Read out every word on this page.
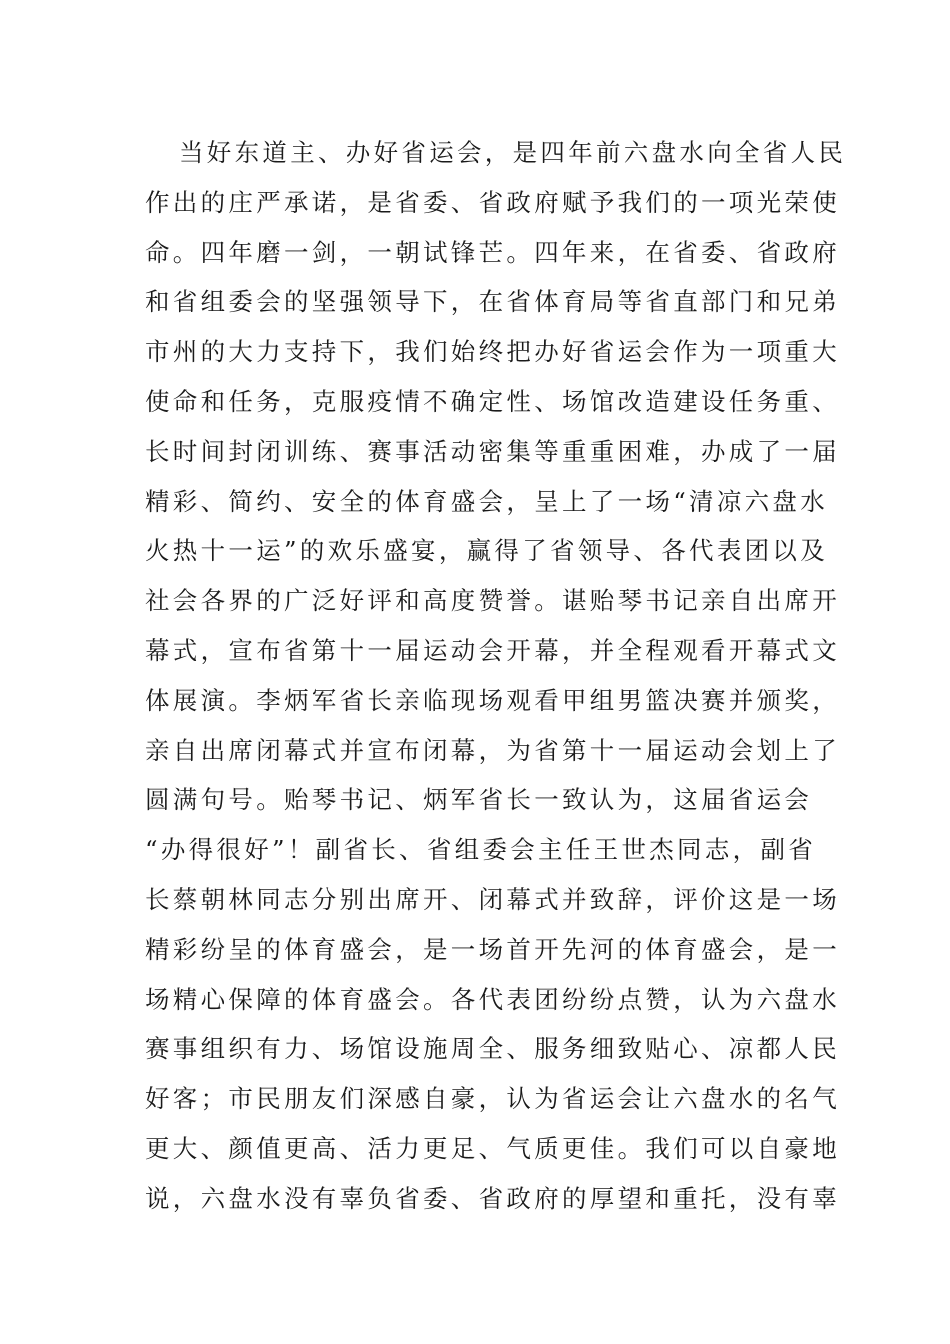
当好东道主、办好省运会，是四年前六盘水向全省人民
作出的庄严承诺，是省委、省政府赋予我们的一项光荣使
命。四年磨一剑，一朝试锋芒。四年来，在省委、省政府
和省组委会的坚强领导下，在省体育局等省直部门和兄弟
市州的大力支持下，我们始终把办好省运会作为一项重大
使命和任务，克服疫情不确定性、场馆改造建设任务重、
长时间封闭训练、赛事活动密集等重重困难，办成了一届
精彩、简约、安全的体育盛会，呈上了一场“清凉六盘水
火热十一运”的欢乐盛宴，赢得了省领导、各代表团以及
社会各界的广泛好评和高度赞誉。谌贻琴书记亲自出席开
幕式，宣布省第十一届运动会开幕，并全程观看开幕式文
体展演。李炳军省长亲临现场观看甲组男篮决赛并颁奖，
亲自出席闭幕式并宣布闭幕，为省第十一届运动会划上了
圆满句号。贻琴书记、炳军省长一致认为，这届省运会
“办得很好”！副省长、省组委会主任王世杰同志，副省
长蔡朝林同志分别出席开、闭幕式并致辞，评价这是一场
精彩纷呈的体育盛会，是一场首开先河的体育盛会，是一
场精心保障的体育盛会。各代表团纷纷点赞，认为六盘水
赛事组织有力、场馆设施周全、服务细致贴心、凉都人民
好客；市民朋友们深感自豪，认为省运会让六盘水的名气
更大、颜值更高、活力更足、气质更佳。我们可以自豪地
说，六盘水没有辜负省委、省政府的厚望和重托，没有辜
